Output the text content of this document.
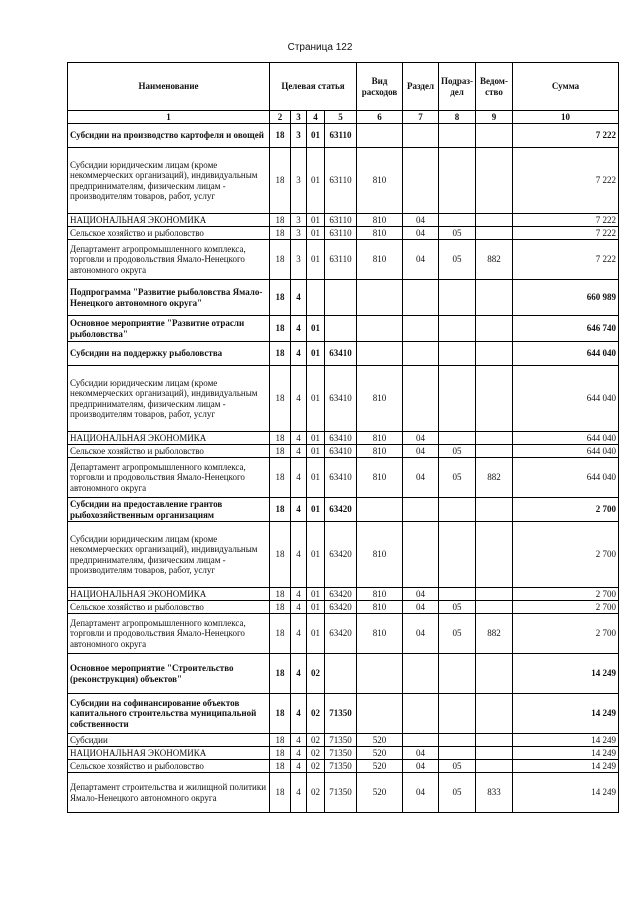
Страница 122
Наименование	Целевая статья				Вид расходов	Раздел	Подраз-дел	Ведом-ство	Сумма
1	2	3	4	5	6	7	8	9	10
Субсидии на производство картофеля и овощей	18	3	01	63110					7 222
Субсидии юридическим лицам (кроме некоммерческих организаций), индивидуальным предпринимателям, физическим лицам - производителям товаров, работ, услуг	18	3	01	63110	810				7 222
НАЦИОНАЛЬНАЯ ЭКОНОМИКА	18	3	01	63110	810	04			7 222
Сельское хозяйство и рыболовство	18	3	01	63110	810	04	05		7 222
Департамент агропромышленного комплекса, торговли и продовольствия Ямало-Ненецкого автономного округа	18	3	01	63110	810	04	05	882	7 222
Подпрограмма "Развитие рыболовства Ямало-Ненецкого автономного округа"	18	4							660 989
Основное мероприятие "Развитие отрасли рыболовства"	18	4	01						646 740
Субсидии на поддержку рыболовства	18	4	01	63410					644 040
Субсидии юридическим лицам (кроме некоммерческих организаций), индивидуальным предпринимателям, физическим лицам - производителям товаров, работ, услуг	18	4	01	63410	810				644 040
НАЦИОНАЛЬНАЯ ЭКОНОМИКА	18	4	01	63410	810	04			644 040
Сельское хозяйство и рыболовство	18	4	01	63410	810	04	05		644 040
Департамент агропромышленного комплекса, торговли и продовольствия Ямало-Ненецкого автономного округа	18	4	01	63410	810	04	05	882	644 040
Субсидии на предоставление грантов рыбохозяйственным организациям	18	4	01	63420					2 700
Субсидии юридическим лицам (кроме некоммерческих организаций), индивидуальным предпринимателям, физическим лицам - производителям товаров, работ, услуг	18	4	01	63420	810				2 700
НАЦИОНАЛЬНАЯ ЭКОНОМИКА	18	4	01	63420	810	04			2 700
Сельское хозяйство и рыболовство	18	4	01	63420	810	04	05		2 700
Департамент агропромышленного комплекса, торговли и продовольствия Ямало-Ненецкого автономного округа	18	4	01	63420	810	04	05	882	2 700
Основное мероприятие "Строительство (реконструкция) объектов"	18	4	02						14 249
Субсидии на софинансирование объектов капитального строительства муниципальной собственности	18	4	02	71350					14 249
Субсидии	18	4	02	71350	520				14 249
НАЦИОНАЛЬНАЯ ЭКОНОМИКА	18	4	02	71350	520	04			14 249
Сельское хозяйство и рыболовство	18	4	02	71350	520	04	05		14 249
Департамент строительства и жилищной политики Ямало-Ненецкого автономного округа	18	4	02	71350	520	04	05	833	14 249
